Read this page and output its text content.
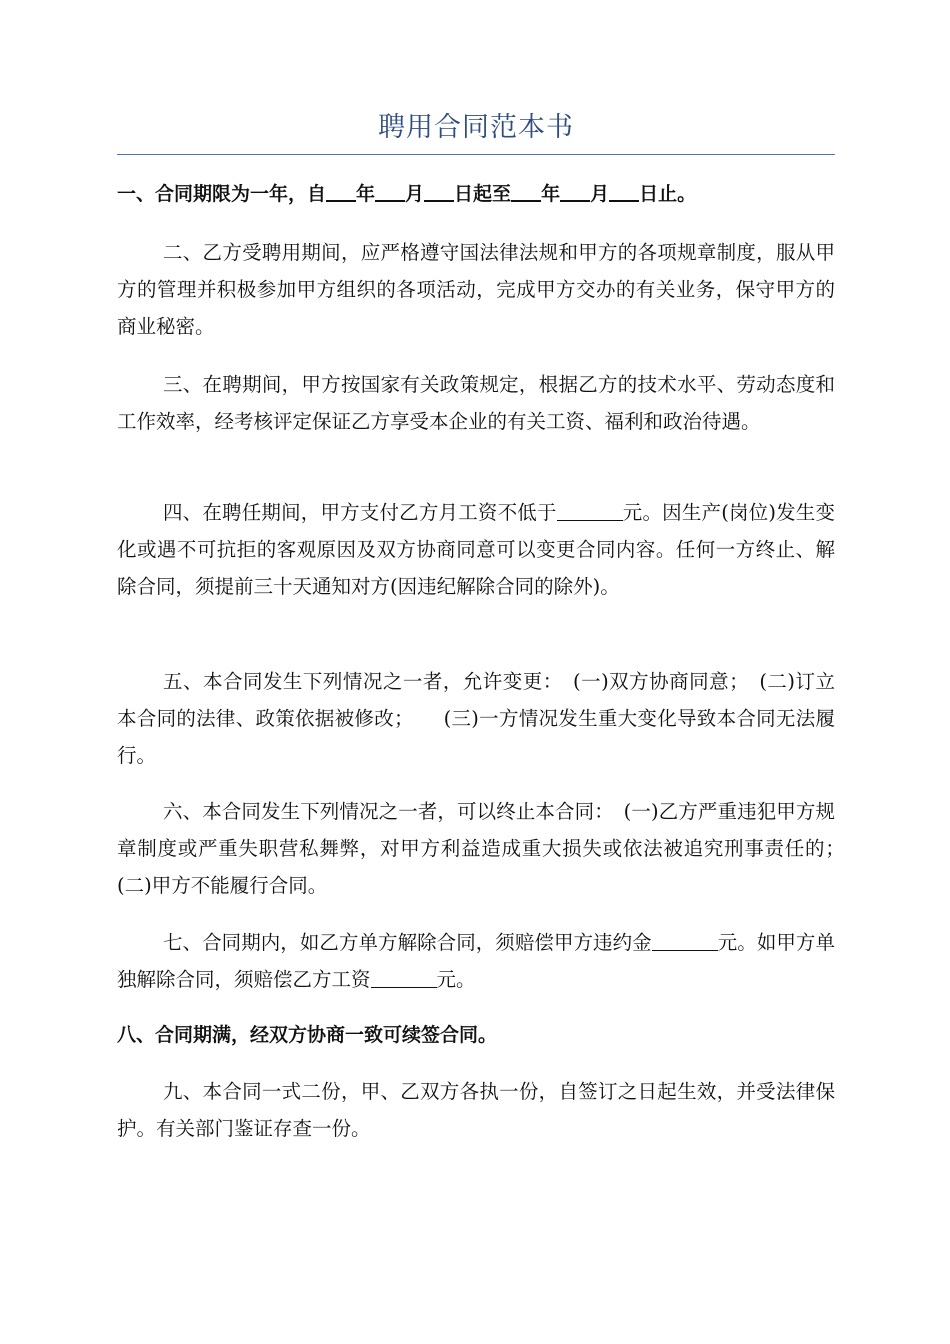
聘用合同范本书

一、合同期限为一年，自 年 月 日起至 年 月 日止。

二、乙方受聘用期间，应严格遵守国法律法规和甲方的各项规章制度，服从甲方的管理并积极参加甲方组织的各项活动，完成甲方交办的有关业务，保守甲方的商业秘密。

三、在聘期间，甲方按国家有关政策规定，根据乙方的技术水平、劳动态度和工作效率，经考核评定保证乙方享受本企业的有关工资、福利和政治待遇。

四、在聘任期间，甲方支付乙方月工资不低于	元。因生产(岗位)发生变化或遇不可抗拒的客观原因及双方协商同意可以变更合同内容。任何一方终止、解除合同，须提前三十天通知对方(因违纪解除合同的除外)。

五、本合同发生下列情况之一者，允许变更：　(一)双方协商同意；　(二)订立本合同的法律、政策依据被修改；　　(三)一方情况发生重大变化导致本合同无法履行。

六、本合同发生下列情况之一者，可以终止本合同：　(一)乙方严重违犯甲方规章制度或严重失职营私舞弊，对甲方利益造成重大损失或依法被追究刑事责任的；　　(二)甲方不能履行合同。

七、合同期内，如乙方单方解除合同，须赔偿甲方违约金	元。如甲方单独解除合同，须赔偿乙方工资	元。

八、合同期满，经双方协商一致可续签合同。

九、本合同一式二份，甲、乙双方各执一份，自签订之日起生效，并受法律保护。有关部门鉴证存查一份。
